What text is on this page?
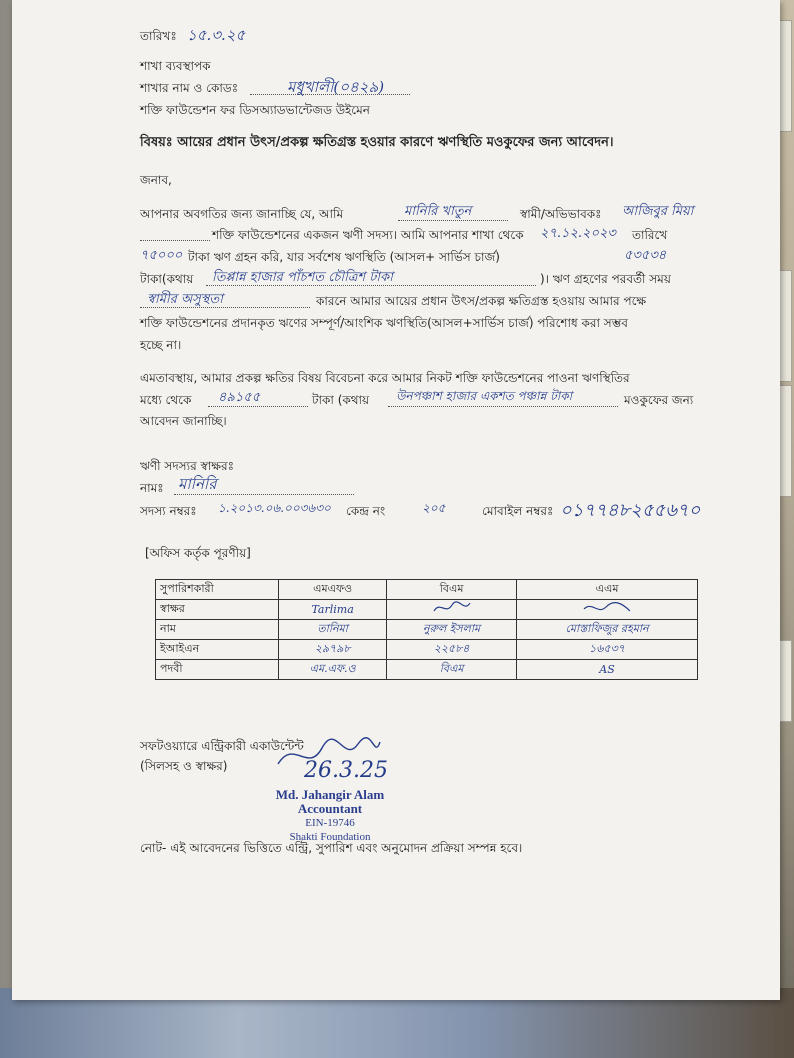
তারিখঃ ১৫.৩.২৫
শাখা ব্যবস্থাপক
শাখার নাম ও কোডঃ	মধুখালী(০৪২৯)
শক্তি ফাউন্ডেশন ফর ডিসঅ্যাডভান্টেজড উইমেন
বিষয়ঃ আয়ের প্রধান উৎস/প্রকল্প ক্ষতিগ্রস্ত হওয়ার কারণে ঋণস্থিতি মওকুফের জন্য আবেদন।
জনাব,
আপনার অবগতির জন্য জানাচ্ছি যে, আমি	মানিরি খাতুন	স্বামী/অভিভাবকঃ আজিবুর মিয়া
শক্তি ফাউন্ডেশনের একজন ঋণী সদস্য। আমি আপনার শাখা থেকে ২৭.১২.২০২৩ তারিখে
৭৫০০০ টাকা ঋণ গ্রহন করি, যার সর্বশেষ ঋণস্থিতি (আসল+ সার্ভিস চার্জ)	৫৩৫৩৪
টাকা(কথায় তিপ্পান্ন হাজার পাঁচশত চৌত্রিশ টাকা	)। ঋণ গ্রহণের পরবর্তী সময়
স্বামীর অসুস্থতা	কারনে আমার আয়ের প্রধান উৎস/প্রকল্প ক্ষতিগ্রস্ত হওয়ায় আমার পক্ষে
শক্তি ফাউন্ডেশনের প্রদানকৃত ঋণের সম্পূর্ণ/আংশিক ঋণস্থিতি(আসল+সার্ভিস চার্জ) পরিশোধ করা সম্ভব
হচ্ছে না।
এমতাবস্থায়, আমার প্রকল্প ক্ষতির বিষয় বিবেচনা করে আমার নিকট শক্তি ফাউন্ডেশনের পাওনা ঋণস্থিতির
মধ্যে থেকে ৪৯১৫৫	টাকা (কথায় উনপঞ্চাশ হাজার একশত পঞ্চান্ন টাকা	মওকুফের জন্য
আবেদন জানাচ্ছি।
ঋণী সদস্যর স্বাক্ষরঃ
নামঃ মানিরি
সদস্য নম্বরঃ ১.২০১৩.০৬.০০৩৬৩০ কেন্দ্র নং	২০৫	মোবাইল নম্বরঃ ০১৭৭৪৮২৫৫৬৭০
[অফিস কর্তৃক পূরণীয়]
সুপারিশকারী	এমএফও	বিএম	এএম
স্বাক্ষর	Tarlima		
নাম	তানিমা	নুরুল ইসলাম	মোস্তাফিজুর রহমান
ইআইএন	২৯৭৯৮	২২৫৮৪	১৬৫৩৭
পদবী	এম.এফ.ও	বিএম	AS
সফটওয়্যারে এন্ট্রিকারী একাউন্টেন্ট
(সিলসহ ও স্বাক্ষর)	26.3.25
Md. Jahangir Alam
Accountant
EIN-19746
Shakti Foundation
নোট- এই আবেদনের ভিত্তিতে এন্ট্রি, সুপারিশ এবং অনুমোদন প্রক্রিয়া সম্পন্ন হবে।
